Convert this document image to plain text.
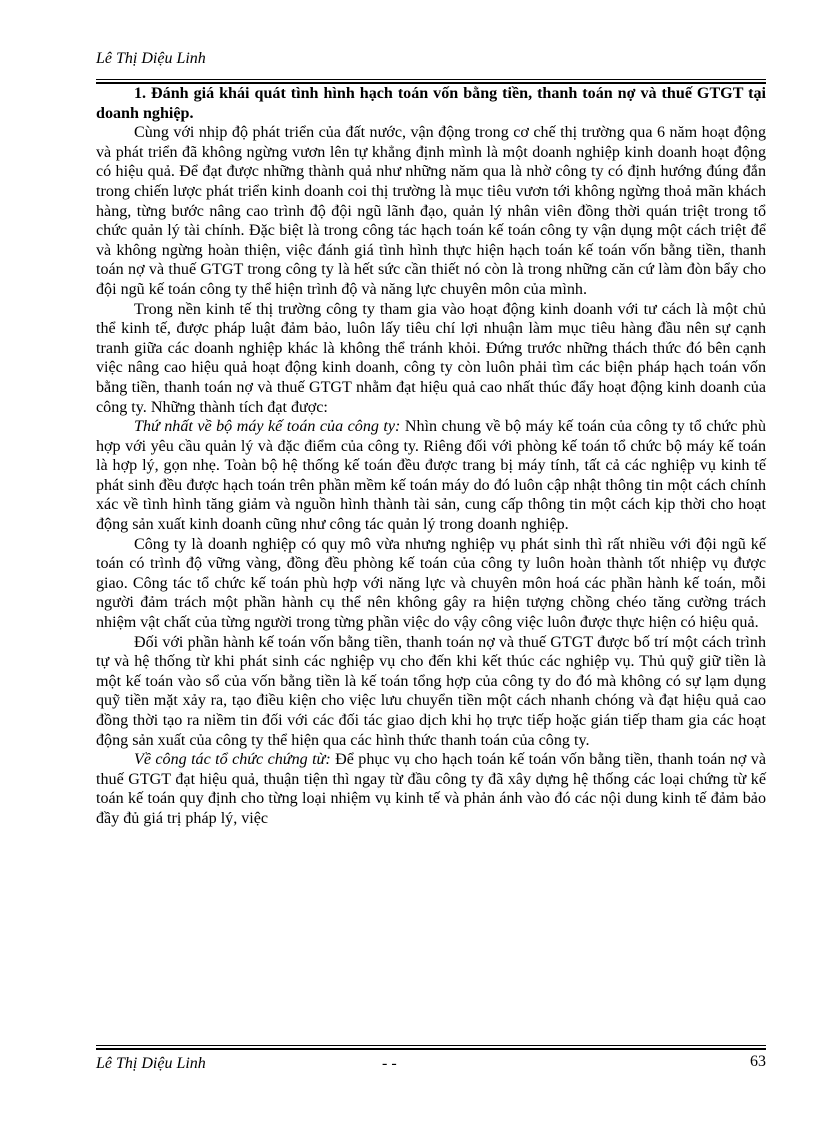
Lê Thị Diệu Linh

1. Đánh giá khái quát tình hình hạch toán vốn bằng tiền, thanh toán nợ và thuế GTGT tại doanh nghiệp.

Cùng với nhịp độ phát triển của đất nước, vận động trong cơ chế thị trường qua 6 năm hoạt động và phát triển đã không ngừng vươn lên tự khẳng định mình là một doanh nghiệp kinh doanh hoạt động có hiệu quả. Để đạt được những thành quả như những năm qua là nhờ công ty có định hướng đúng đắn trong chiến lược phát triển kinh doanh coi thị trường là mục tiêu vươn tới không ngừng thoả mãn khách hàng, từng bước nâng cao trình độ đội ngũ lãnh đạo, quản lý nhân viên đồng thời quán triệt trong tổ chức quản lý tài chính. Đặc biệt là trong công tác hạch toán kế toán công ty vận dụng một cách triệt để và không ngừng hoàn thiện, việc đánh giá tình hình thực hiện hạch toán kế toán vốn bằng tiền, thanh toán nợ và thuế GTGT trong công ty là hết sức cần thiết nó còn là trong những căn cứ làm đòn bẩy cho đội ngũ kế toán công ty thể hiện trình độ và năng lực chuyên môn của mình.

Trong nền kinh tế thị trường công ty tham gia vào hoạt động kinh doanh với tư cách là một chủ thể kinh tế, được pháp luật đảm bảo, luôn lấy tiêu chí lợi nhuận làm mục tiêu hàng đầu nên sự cạnh tranh giữa các doanh nghiệp khác là không thể tránh khỏi. Đứng trước những thách thức đó bên cạnh việc nâng cao hiệu quả hoạt động kinh doanh, công ty còn luôn phải tìm các biện pháp hạch toán vốn bằng tiền, thanh toán nợ và thuế GTGT nhằm đạt hiệu quả cao nhất thúc đẩy hoạt động kinh doanh của công ty. Những thành tích đạt được:

Thứ nhất về bộ máy kế toán của công ty: Nhìn chung về bộ máy kế toán của công ty tổ chức phù hợp với yêu cầu quản lý và đặc điểm của công ty. Riêng đối với phòng kế toán tổ chức bộ máy kế toán là hợp lý, gọn nhẹ. Toàn bộ hệ thống kế toán đều được trang bị máy tính, tất cả các nghiệp vụ kinh tế phát sinh đều được hạch toán trên phần mềm kế toán máy do đó luôn cập nhật thông tin một cách chính xác về tình hình tăng giảm và nguồn hình thành tài sản, cung cấp thông tin một cách kịp thời cho hoạt động sản xuất kinh doanh cũng như công tác quản lý trong doanh nghiệp.

Công ty là doanh nghiệp có quy mô vừa nhưng nghiệp vụ phát sinh thì rất nhiều với đội ngũ kế toán có trình độ vững vàng, đồng đều phòng kế toán của công ty luôn hoàn thành tốt nhiệp vụ được giao. Công tác tổ chức kế toán phù hợp với năng lực và chuyên môn hoá các phần hành kế toán, mỗi người đảm trách một phần hành cụ thể nên không gây ra hiện tượng chồng chéo tăng cường trách nhiệm vật chất của từng người trong từng phần việc do vậy công việc luôn được thực hiện có hiệu quả.

Đối với phần hành kế toán vốn bằng tiền, thanh toán nợ và thuế GTGT được bố trí một cách trình tự và hệ thống từ khi phát sinh các nghiệp vụ cho đến khi kết thúc các nghiệp vụ. Thủ quỹ giữ tiền là một kế toán vào sổ của vốn bằng tiền là kế toán tổng hợp của công ty do đó mà không có sự lạm dụng quỹ tiền mặt xảy ra, tạo điều kiện cho việc lưu chuyển tiền một cách nhanh chóng và đạt hiệu quả cao đồng thời tạo ra niềm tin đối với các đối tác giao dịch khi họ trực tiếp hoặc gián tiếp tham gia các hoạt động sản xuất của công ty thể hiện qua các hình thức thanh toán của công ty.

Về công tác tổ chức chứng từ: Để phục vụ cho hạch toán kế toán vốn bằng tiền, thanh toán nợ và thuế GTGT đạt hiệu quả, thuận tiện thì ngay từ đầu công ty đã xây dựng hệ thống các loại chứng từ kế toán kế toán quy định cho từng loại nhiệm vụ kinh tế và phản ánh vào đó các nội dung kinh tế đảm bảo đầy đủ giá trị pháp lý, việc

Lê Thị Diệu Linh	- -	63
